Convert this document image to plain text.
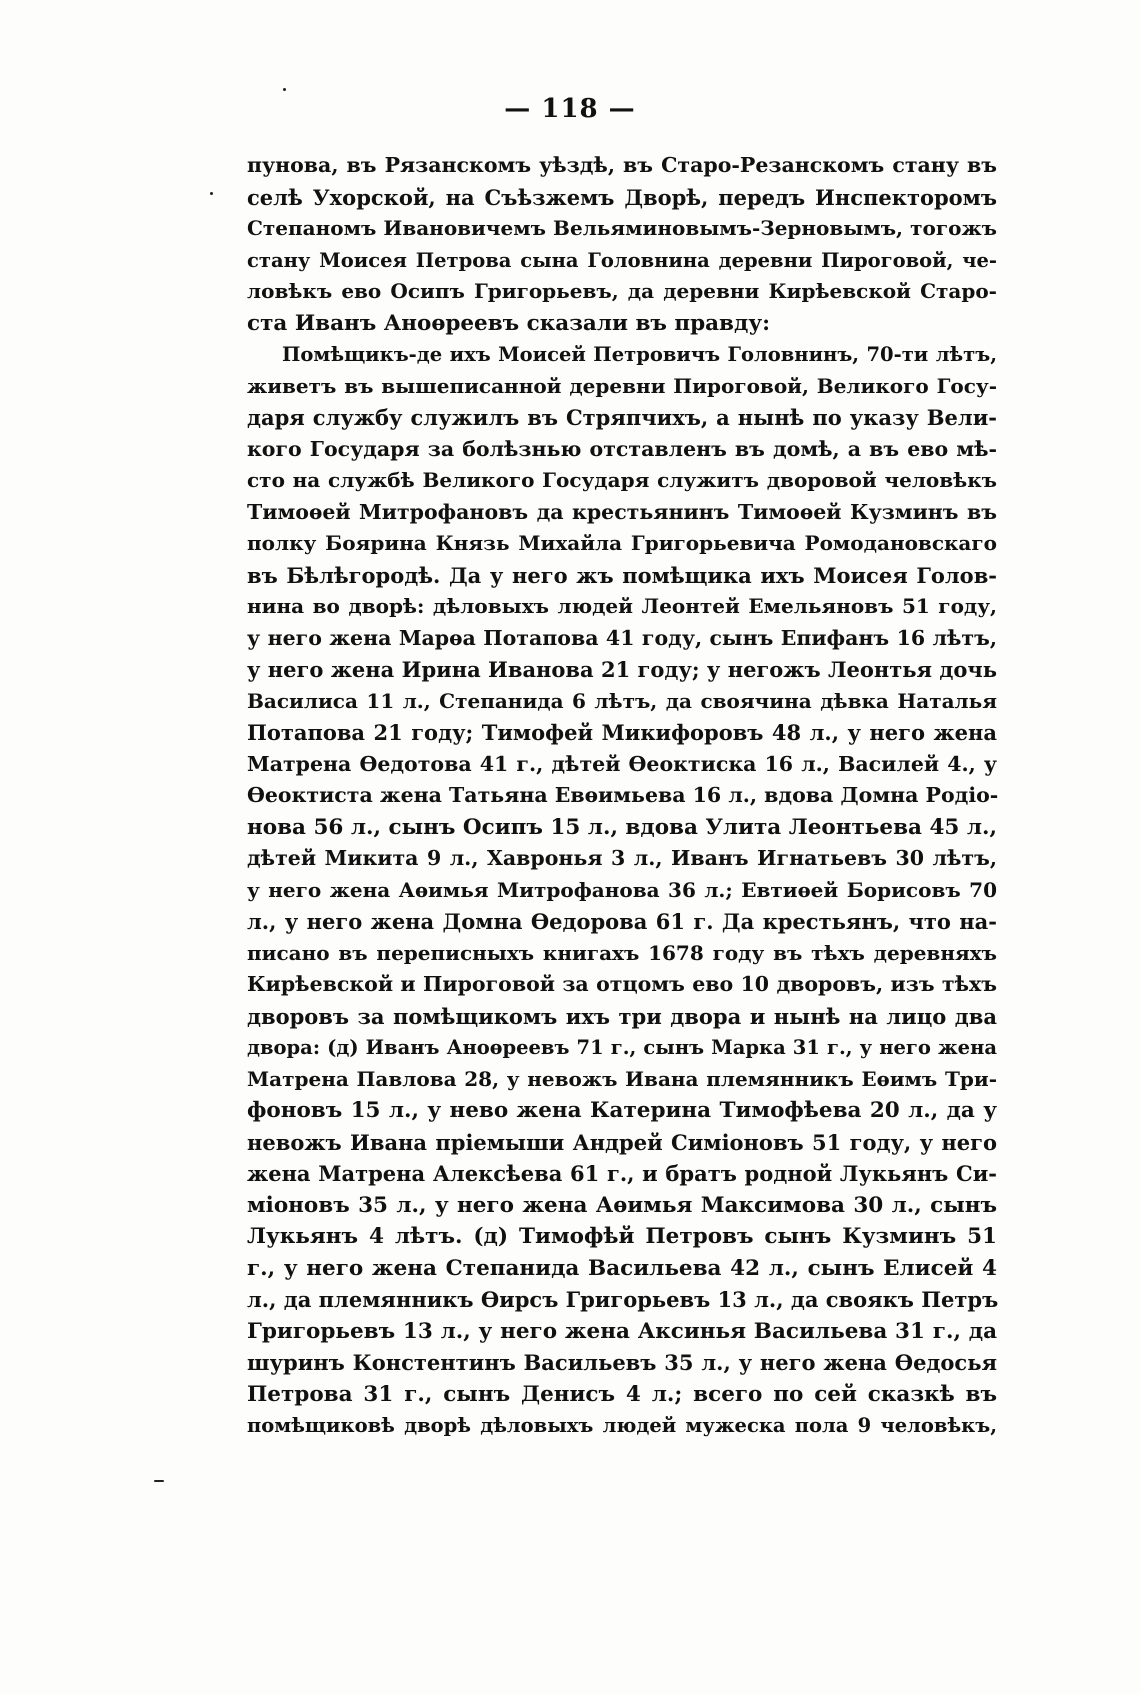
— 118 —
пунова, въ Рязанскомъ уѣздѣ, въ Старо-Резанскомъ стану въ
селѣ Ухорской, на Съѣзжемъ Дворѣ, передъ Инспекторомъ
Степаномъ Ивановичемъ Вельяминовымъ-Зерновымъ, тогожъ
стану Моисея Петрова сына Головнина деревни Пироговой, че-
ловѣкъ ево Осипъ Григорьевъ, да деревни Кирѣевской Старо-
ста Иванъ Аноѳреевъ сказали въ правду:
Помѣщикъ-де ихъ Моисей Петровичъ Головнинъ, 70-ти лѣтъ,
живетъ въ вышеписанной деревни Пироговой, Великого Госу-
даря службу служилъ въ Стряпчихъ, а нынѣ по указу Вели-
кого Государя за болѣзнью отставленъ въ домѣ, а въ ево мѣ-
сто на службѣ Великого Государя служитъ дворовой человѣкъ
Тимоѳей Митрофановъ да крестьянинъ Тимоѳей Кузминъ въ
полку Боярина Князь Михайла Григорьевича Ромодановскаго
въ Бѣлѣгородѣ. Да у него жъ помѣщика ихъ Моисея Голов-
нина во дворѣ: дѣловыхъ людей Леонтей Емельяновъ 51 году,
у него жена Марѳа Потапова 41 году, сынъ Епифанъ 16 лѣтъ,
у него жена Ирина Иванова 21 году; у негожъ Леонтья дочь
Василиса 11 л., Степанида 6 лѣтъ, да своячина дѣвка Наталья
Потапова 21 году; Тимофей Микифоровъ 48 л., у него жена
Матрена Ѳедотова 41 г., дѣтей Ѳеоктиска 16 л., Василей 4., у
Ѳеоктиста жена Татьяна Евѳимьева 16 л., вдова Домна Родіо-
нова 56 л., сынъ Осипъ 15 л., вдова Улита Леонтьева 45 л.,
дѣтей Микита 9 л., Хавронья 3 л., Иванъ Игнатьевъ 30 лѣтъ,
у него жена Аѳимья Митрофанова 36 л.; Евтиѳей Борисовъ 70
л., у него жена Домна Ѳедорова 61 г. Да крестьянъ, что на-
писано въ переписныхъ книгахъ 1678 году въ тѣхъ деревняхъ
Кирѣевской и Пироговой за отцомъ ево 10 дворовъ, изъ тѣхъ
дворовъ за помѣщикомъ ихъ три двора и нынѣ на лицо два
двора: (д) Иванъ Аноѳреевъ 71 г., сынъ Марка 31 г., у него жена
Матрена Павлова 28, у невожъ Ивана племянникъ Еѳимъ Три-
фоновъ 15 л., у нево жена Катерина Тимофѣева 20 л., да у
невожъ Ивана пріемыши Андрей Симіоновъ 51 году, у него
жена Матрена Алексѣева 61 г., и братъ родной Лукьянъ Си-
міоновъ 35 л., у него жена Аѳимья Максимова 30 л., сынъ
Лукьянъ 4 лѣтъ. (д) Тимофѣй Петровъ сынъ Кузминъ 51
г., у него жена Степанида Васильева 42 л., сынъ Елисей 4
л., да племянникъ Ѳирсъ Григорьевъ 13 л., да своякъ Петръ
Григорьевъ 13 л., у него жена Аксинья Васильева 31 г., да
шуринъ Констентинъ Васильевъ 35 л., у него жена Ѳедосья
Петрова 31 г., сынъ Денисъ 4 л.; всего по сей сказкѣ въ
помѣщиковѣ дворѣ дѣловыхъ людей мужеска пола 9 человѣкъ,
